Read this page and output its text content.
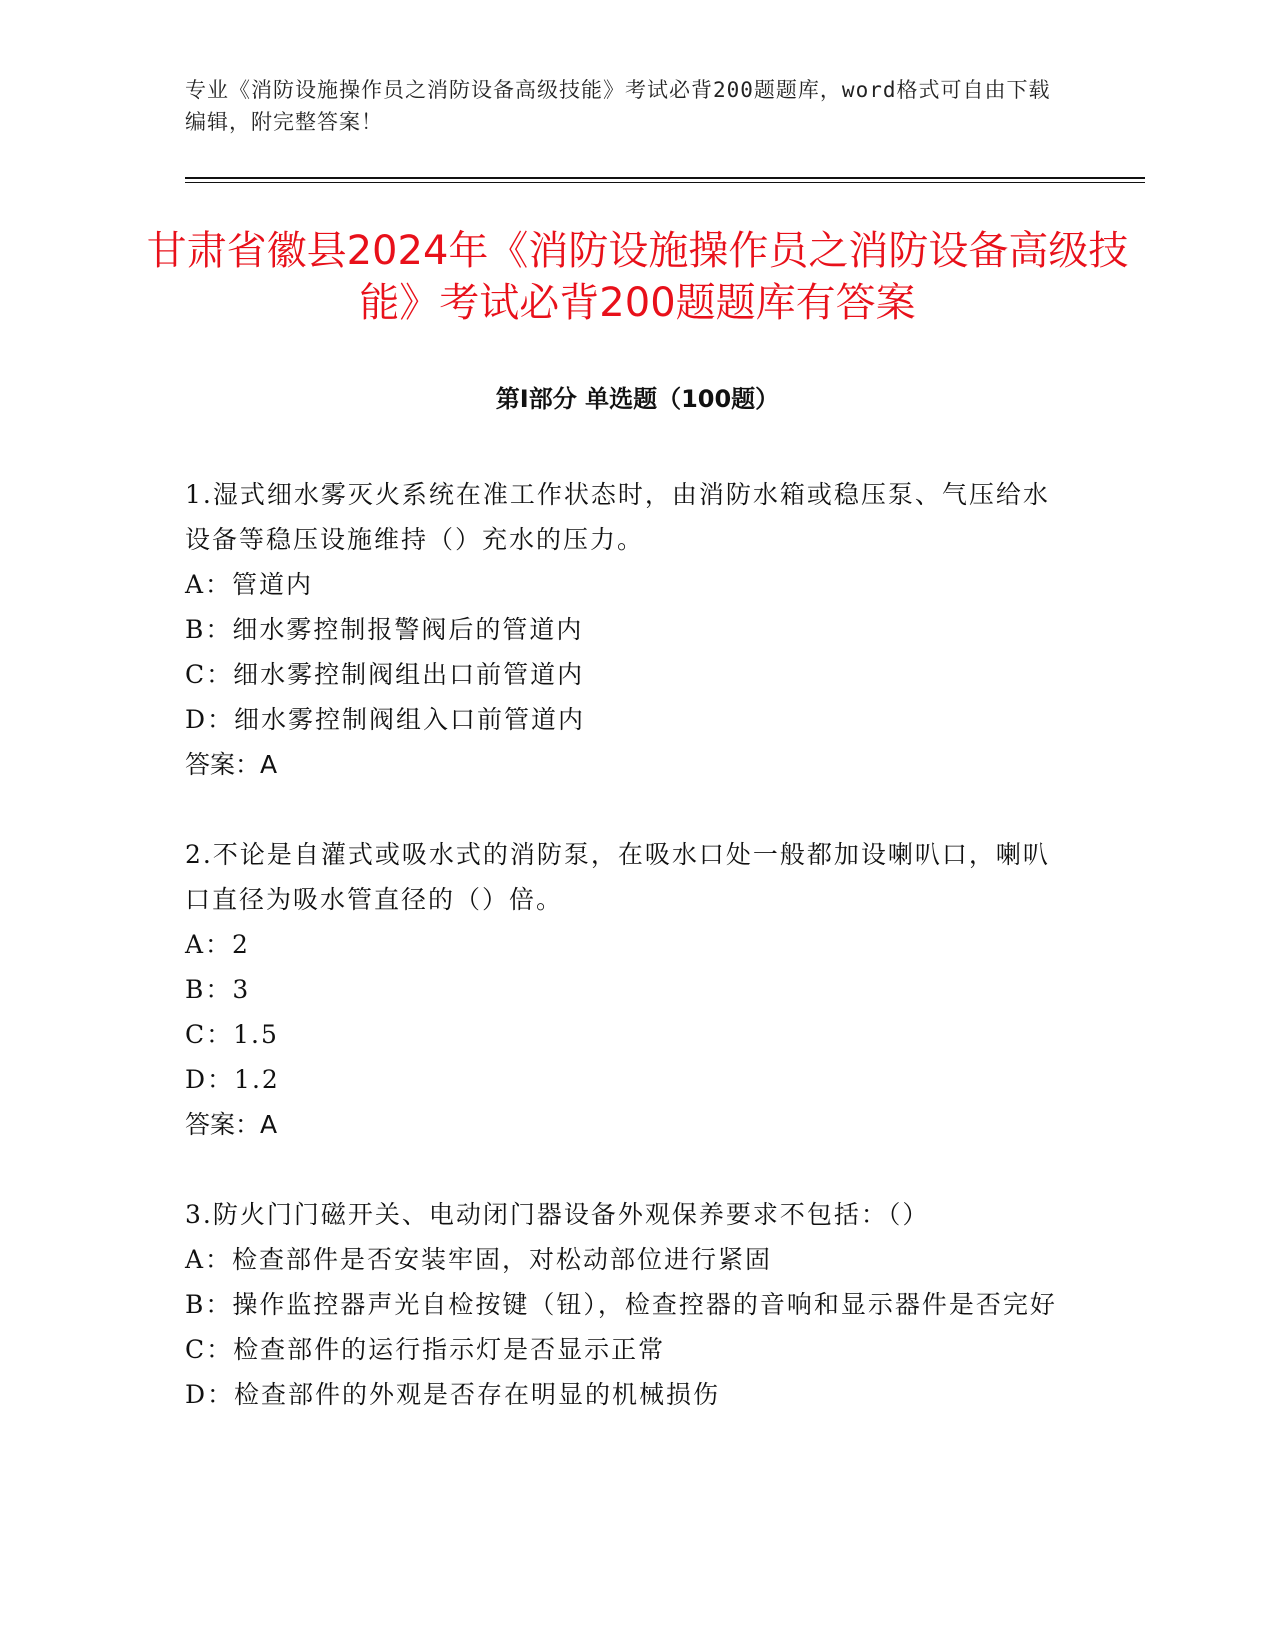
专业《消防设施操作员之消防设备高级技能》考试必背200题题库，word格式可自由下载编辑，附完整答案！
甘肃省徽县2024年《消防设施操作员之消防设备高级技能》考试必背200题题库有答案
第Ⅰ部分 单选题（100题）
1.湿式细水雾灭火系统在准工作状态时，由消防水箱或稳压泵、气压给水设备等稳压设施维持（）充水的压力。
A：管道内
B：细水雾控制报警阀后的管道内
C：细水雾控制阀组出口前管道内
D：细水雾控制阀组入口前管道内
答案：A
2.不论是自灌式或吸水式的消防泵，在吸水口处一般都加设喇叭口，喇叭口直径为吸水管直径的（）倍。
A：2
B：3
C：1.5
D：1.2
答案：A
3.防火门门磁开关、电动闭门器设备外观保养要求不包括：（）
A：检查部件是否安装牢固，对松动部位进行紧固
B：操作监控器声光自检按键（钮），检查控器的音响和显示器件是否完好
C：检查部件的运行指示灯是否显示正常
D：检查部件的外观是否存在明显的机械损伤
